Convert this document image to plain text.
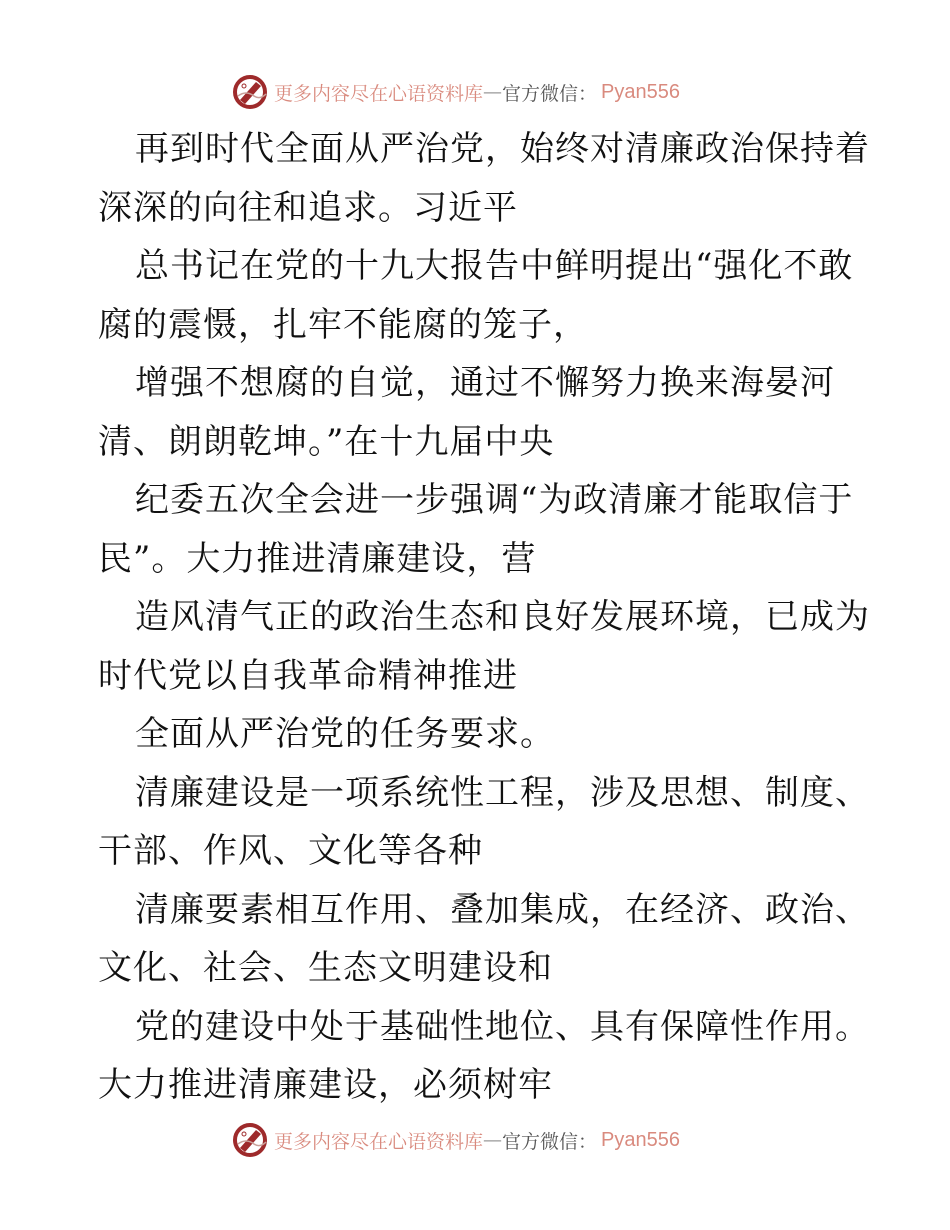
更多内容尽在心语资料库 — 官方微信： Pyan556
再到时代全面从严治党，始终对清廉政治保持着
深深的向往和追求。习近平
总书记在党的十九大报告中鲜明提出“强化不敢
腐的震慑，扎牢不能腐的笼子，
增强不想腐的自觉，通过不懈努力换来海晏河
清、朗朗乾坤。”在十九届中央
纪委五次全会进一步强调“为政清廉才能取信于
民”。大力推进清廉建设，营
造风清气正的政治生态和良好发展环境，已成为
时代党以自我革命精神推进
全面从严治党的任务要求。
清廉建设是一项系统性工程，涉及思想、制度、
干部、作风、文化等各种
清廉要素相互作用、叠加集成，在经济、政治、
文化、社会、生态文明建设和
党的建设中处于基础性地位、具有保障性作用。
大力推进清廉建设，必须树牢
更多内容尽在心语资料库 — 官方微信： Pyan556
